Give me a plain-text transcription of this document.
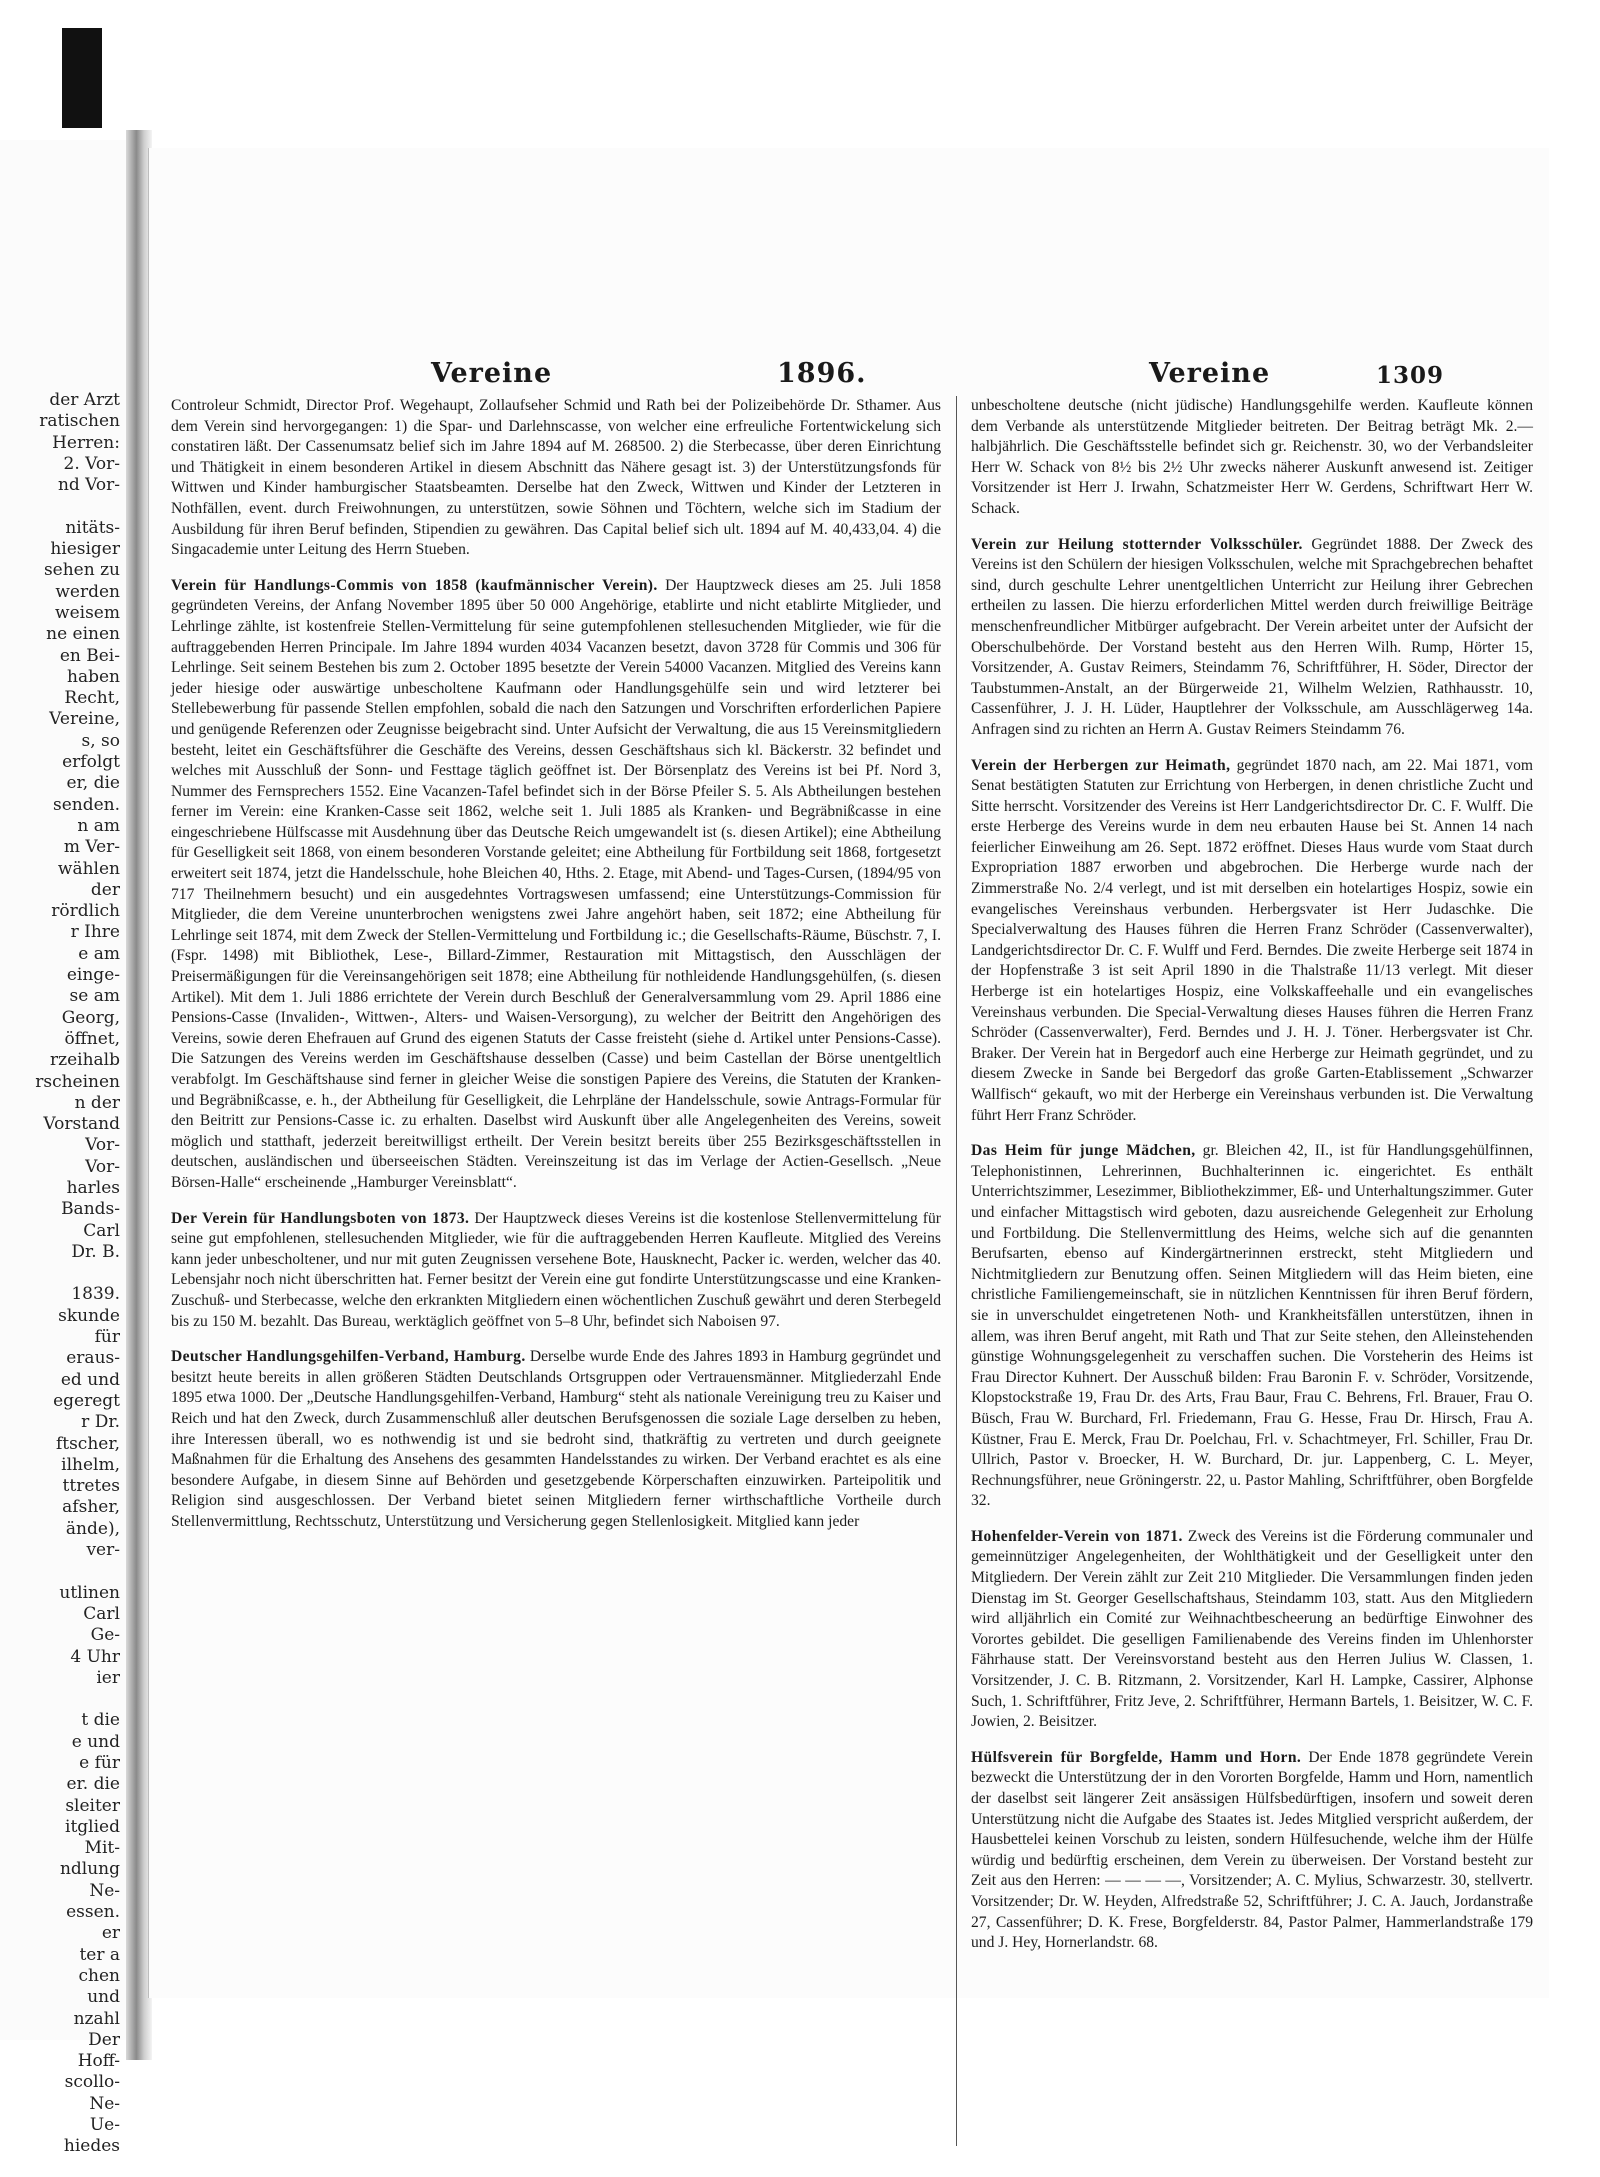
der Arzt
ratischen
Herren:
2. Vor-
nd Vor-
nitäts-
hiesiger
sehen zu
werden
weisem
ne einen
en Bei-
haben
Recht,
Vereine,
s, so
erfolgt
er, die
senden.
n am
m Ver-
wählen
der
rördlich
r Ihre
e am
einge-
se am
Georg,
öffnet,
rzeihalb
rscheinen
n der
Vorstand
Vor-
Vor-
harles
Bands-
Carl
Dr. B.
1839.
skunde
für
eraus-
ed und
egeregt
r Dr.
ftscher,
ilhelm,
ttretes
afsher,
ände),
ver-
utlinen
Carl
Ge-
4 Uhr
ier
t die
e und
e für
er. die
sleiter
itglied
Mit-
ndlung
Ne-
essen.
er
ter a
chen
und
nzahl
Der
Hoff-
scollo-
Ne-
Ue-
hiedes
Vereine	1896.	Vereine	1309

Controleur Schmidt, Director Prof. Wegehaupt, Zollaufseher Schmid und Rath bei der Polizeibehörde Dr. Sthamer. Aus dem Verein sind hervorgegangen: 1) die Spar- und Darlehnscasse, von welcher eine erfreuliche Fortentwickelung sich constatiren läßt. Der Cassenumsatz belief sich im Jahre 1894 auf M. 268500. 2) die Sterbecasse, über deren Einrichtung und Thätigkeit in einem besonderen Artikel in diesem Abschnitt das Nähere gesagt ist. 3) der Unterstützungsfonds für Wittwen und Kinder hamburgischer Staatsbeamten. Derselbe hat den Zweck, Wittwen und Kinder der Letzteren in Nothfällen, event. durch Freiwohnungen, zu unterstützen, sowie Söhnen und Töchtern, welche sich im Stadium der Ausbildung für ihren Beruf befinden, Stipendien zu gewähren. Das Capital belief sich ult. 1894 auf M. 40,433,04. 4) die Singacademie unter Leitung des Herrn Stueben.

Verein für Handlungs-Commis von 1858 (kaufmännischer Verein). Der Hauptzweck dieses am 25. Juli 1858 gegründeten Vereins, der Anfang November 1895 über 50 000 Angehörige, etablirte und nicht etablirte Mitglieder, und Lehrlinge zählte, ist kostenfreie Stellen-Vermittelung für seine gutempfohlenen stellesuchenden Mitglieder, wie für die auftraggebenden Herren Principale. Im Jahre 1894 wurden 4034 Vacanzen besetzt, davon 3728 für Commis und 306 für Lehrlinge. Seit seinem Bestehen bis zum 2. October 1895 besetzte der Verein 54000 Vacanzen. Mitglied des Vereins kann jeder hiesige oder auswärtige unbescholtene Kaufmann oder Handlungsgehülfe sein und wird letzterer bei Stellebewerbung für passende Stellen empfohlen, sobald die nach den Satzungen und Vorschriften erforderlichen Papiere und genügende Referenzen oder Zeugnisse beigebracht sind. Unter Aufsicht der Verwaltung, die aus 15 Vereinsmitgliedern besteht, leitet ein Geschäftsführer die Geschäfte des Vereins, dessen Geschäftshaus sich kl. Bäckerstr. 32 befindet und welches mit Ausschluß der Sonn- und Festtage täglich geöffnet ist. Der Börsenplatz des Vereins ist bei Pf. Nord 3, Nummer des Fernsprechers 1552. Eine Vacanzen-Tafel befindet sich in der Börse Pfeiler S. 5. Als Abtheilungen bestehen ferner im Verein: eine Kranken-Casse seit 1862, welche seit 1. Juli 1885 als Kranken- und Begräbnißcasse in eine eingeschriebene Hülfscasse mit Ausdehnung über das Deutsche Reich umgewandelt ist (s. diesen Artikel); eine Abtheilung für Geselligkeit seit 1868, von einem besonderen Vorstande geleitet; eine Abtheilung für Fortbildung seit 1868, fortgesetzt erweitert seit 1874, jetzt die Handelsschule, hohe Bleichen 40, Hths. 2. Etage, mit Abend- und Tages-Cursen, (1894/95 von 717 Theilnehmern besucht) und ein ausgedehntes Vortragswesen umfassend; eine Unterstützungs-Commission für Mitglieder, die dem Vereine ununterbrochen wenigstens zwei Jahre angehört haben, seit 1872; eine Abtheilung für Lehrlinge seit 1874, mit dem Zweck der Stellen-Vermittelung und Fortbildung ic.; die Gesellschafts-Räume, Büschstr. 7, I. (Fspr. 1498) mit Bibliothek, Lese-, Billard-Zimmer, Restauration mit Mittagstisch, den Ausschlägen der Preisermäßigungen für die Vereinsangehörigen seit 1878; eine Abtheilung für nothleidende Handlungsgehülfen, (s. diesen Artikel). Mit dem 1. Juli 1886 errichtete der Verein durch Beschluß der Generalversammlung vom 29. April 1886 eine Pensions-Casse (Invaliden-, Wittwen-, Alters- und Waisen-Versorgung), zu welcher der Beitritt den Angehörigen des Vereins, sowie deren Ehefrauen auf Grund des eigenen Statuts der Casse freisteht (siehe d. Artikel unter Pensions-Casse). Die Satzungen des Vereins werden im Geschäftshause desselben (Casse) und beim Castellan der Börse unentgeltlich verabfolgt. Im Geschäftshause sind ferner in gleicher Weise die sonstigen Papiere des Vereins, die Statuten der Kranken- und Begräbnißcasse, e. h., der Abtheilung für Geselligkeit, die Lehrpläne der Handelsschule, sowie Antrags-Formular für den Beitritt zur Pensions-Casse ic. zu erhalten. Daselbst wird Auskunft über alle Angelegenheiten des Vereins, soweit möglich und statthaft, jederzeit bereitwilligst ertheilt. Der Verein besitzt bereits über 255 Bezirksgeschäftsstellen in deutschen, ausländischen und überseeischen Städten. Vereinszeitung ist das im Verlage der Actien-Gesellsch. „Neue Börsen-Halle“ erscheinende „Hamburger Vereinsblatt“.

Der Verein für Handlungsboten von 1873. Der Hauptzweck dieses Vereins ist die kostenlose Stellenvermittelung für seine gut empfohlenen, stellesuchenden Mitglieder, wie für die auftraggebenden Herren Kaufleute. Mitglied des Vereins kann jeder unbescholtener, und nur mit guten Zeugnissen versehene Bote, Hausknecht, Packer ic. werden, welcher das 40. Lebensjahr noch nicht überschritten hat. Ferner besitzt der Verein eine gut fondirte Unterstützungscasse und eine Kranken-Zuschuß- und Sterbecasse, welche den erkrankten Mitgliedern einen wöchentlichen Zuschuß gewährt und deren Sterbegeld bis zu 150 M. bezahlt. Das Bureau, werktäglich geöffnet von 5–8 Uhr, befindet sich Naboisen 97.

Deutscher Handlungsgehilfen-Verband, Hamburg. Derselbe wurde Ende des Jahres 1893 in Hamburg gegründet und besitzt heute bereits in allen größeren Städten Deutschlands Ortsgruppen oder Vertrauensmänner. Mitgliederzahl Ende 1895 etwa 1000. Der „Deutsche Handlungsgehilfen-Verband, Hamburg“ steht als nationale Vereinigung treu zu Kaiser und Reich und hat den Zweck, durch Zusammenschluß aller deutschen Berufsgenossen die soziale Lage derselben zu heben, ihre Interessen überall, wo es nothwendig ist und sie bedroht sind, thatkräftig zu vertreten und durch geeignete Maßnahmen für die Erhaltung des Ansehens des gesammten Handelsstandes zu wirken. Der Verband erachtet es als eine besondere Aufgabe, in diesem Sinne auf Behörden und gesetzgebende Körperschaften einzuwirken. Parteipolitik und Religion sind ausgeschlossen. Der Verband bietet seinen Mitgliedern ferner wirthschaftliche Vortheile durch Stellenvermittlung, Rechtsschutz, Unterstützung und Versicherung gegen Stellenlosigkeit. Mitglied kann jeder

unbescholtene deutsche (nicht jüdische) Handlungsgehilfe werden. Kaufleute können dem Verbande als unterstützende Mitglieder beitreten. Der Beitrag beträgt Mk. 2.— halbjährlich. Die Geschäftsstelle befindet sich gr. Reichenstr. 30, wo der Verbandsleiter Herr W. Schack von 8½ bis 2½ Uhr zwecks näherer Auskunft anwesend ist. Zeitiger Vorsitzender ist Herr J. Irwahn, Schatzmeister Herr W. Gerdens, Schriftwart Herr W. Schack.

Verein zur Heilung stotternder Volksschüler. Gegründet 1888. Der Zweck des Vereins ist den Schülern der hiesigen Volksschulen, welche mit Sprachgebrechen behaftet sind, durch geschulte Lehrer unentgeltlichen Unterricht zur Heilung ihrer Gebrechen ertheilen zu lassen. Die hierzu erforderlichen Mittel werden durch freiwillige Beiträge menschenfreundlicher Mitbürger aufgebracht. Der Verein arbeitet unter der Aufsicht der Oberschulbehörde. Der Vorstand besteht aus den Herren Wilh. Rump, Hörter 15, Vorsitzender, A. Gustav Reimers, Steindamm 76, Schriftführer, H. Söder, Director der Taubstummen-Anstalt, an der Bürgerweide 21, Wilhelm Welzien, Rathhausstr. 10, Cassenführer, J. J. H. Lüder, Hauptlehrer der Volksschule, am Ausschlägerweg 14a. Anfragen sind zu richten an Herrn A. Gustav Reimers Steindamm 76.

Verein der Herbergen zur Heimath, gegründet 1870 nach, am 22. Mai 1871, vom Senat bestätigten Statuten zur Errichtung von Herbergen, in denen christliche Zucht und Sitte herrscht. Vorsitzender des Vereins ist Herr Landgerichtsdirector Dr. C. F. Wulff. Die erste Herberge des Vereins wurde in dem neu erbauten Hause bei St. Annen 14 nach feierlicher Einweihung am 26. Sept. 1872 eröffnet. Dieses Haus wurde vom Staat durch Expropriation 1887 erworben und abgebrochen. Die Herberge wurde nach der Zimmerstraße No. 2/4 verlegt, und ist mit derselben ein hotelartiges Hospiz, sowie ein evangelisches Vereinshaus verbunden. Herbergsvater ist Herr Judaschke. Die Specialverwaltung des Hauses führen die Herren Franz Schröder (Cassenverwalter), Landgerichtsdirector Dr. C. F. Wulff und Ferd. Berndes. Die zweite Herberge seit 1874 in der Hopfenstraße 3 ist seit April 1890 in die Thalstraße 11/13 verlegt. Mit dieser Herberge ist ein hotelartiges Hospiz, eine Volkskaffeehalle und ein evangelisches Vereinshaus verbunden. Die Special-Verwaltung dieses Hauses führen die Herren Franz Schröder (Cassenverwalter), Ferd. Berndes und J. H. J. Töner. Herbergsvater ist Chr. Braker. Der Verein hat in Bergedorf auch eine Herberge zur Heimath gegründet, und zu diesem Zwecke in Sande bei Bergedorf das große Garten-Etablissement „Schwarzer Wallfisch“ gekauft, wo mit der Herberge ein Vereinshaus verbunden ist. Die Verwaltung führt Herr Franz Schröder.

Das Heim für junge Mädchen, gr. Bleichen 42, II., ist für Handlungsgehülfinnen, Telephonistinnen, Lehrerinnen, Buchhalterinnen ic. eingerichtet. Es enthält Unterrichtszimmer, Lesezimmer, Bibliothekzimmer, Eß- und Unterhaltungszimmer. Guter und einfacher Mittagstisch wird geboten, dazu ausreichende Gelegenheit zur Erholung und Fortbildung. Die Stellenvermittlung des Heims, welche sich auf die genannten Berufsarten, ebenso auf Kindergärtnerinnen erstreckt, steht Mitgliedern und Nichtmitgliedern zur Benutzung offen. Seinen Mitgliedern will das Heim bieten, eine christliche Familiengemeinschaft, sie in nützlichen Kenntnissen für ihren Beruf fördern, sie in unverschuldet eingetretenen Noth- und Krankheitsfällen unterstützen, ihnen in allem, was ihren Beruf angeht, mit Rath und That zur Seite stehen, den Alleinstehenden günstige Wohnungsgelegenheit zu verschaffen suchen. Die Vorsteherin des Heims ist Frau Director Kuhnert. Der Ausschuß bilden: Frau Baronin F. v. Schröder, Vorsitzende, Klopstockstraße 19, Frau Dr. des Arts, Frau Baur, Frau C. Behrens, Frl. Brauer, Frau O. Büsch, Frau W. Burchard, Frl. Friedemann, Frau G. Hesse, Frau Dr. Hirsch, Frau A. Küstner, Frau E. Merck, Frau Dr. Poelchau, Frl. v. Schachtmeyer, Frl. Schiller, Frau Dr. Ullrich, Pastor v. Broecker, H. W. Burchard, Dr. jur. Lappenberg, C. L. Meyer, Rechnungsführer, neue Gröningerstr. 22, u. Pastor Mahling, Schriftführer, oben Borgfelde 32.

Hohenfelder-Verein von 1871. Zweck des Vereins ist die Förderung communaler und gemeinnütziger Angelegenheiten, der Wohlthätigkeit und der Geselligkeit unter den Mitgliedern. Der Verein zählt zur Zeit 210 Mitglieder. Die Versammlungen finden jeden Dienstag im St. Georger Gesellschaftshaus, Steindamm 103, statt. Aus den Mitgliedern wird alljährlich ein Comité zur Weihnachtbescheerung an bedürftige Einwohner des Vorortes gebildet. Die geselligen Familienabende des Vereins finden im Uhlenhorster Fährhause statt. Der Vereinsvorstand besteht aus den Herren Julius W. Classen, 1. Vorsitzender, J. C. B. Ritzmann, 2. Vorsitzender, Karl H. Lampke, Cassirer, Alphonse Such, 1. Schriftführer, Fritz Jeve, 2. Schriftführer, Hermann Bartels, 1. Beisitzer, W. C. F. Jowien, 2. Beisitzer.

Hülfsverein für Borgfelde, Hamm und Horn. Der Ende 1878 gegründete Verein bezweckt die Unterstützung der in den Vororten Borgfelde, Hamm und Horn, namentlich der daselbst seit längerer Zeit ansässigen Hülfsbedürftigen, insofern und soweit deren Unterstützung nicht die Aufgabe des Staates ist. Jedes Mitglied verspricht außerdem, der Hausbettelei keinen Vorschub zu leisten, sondern Hülfesuchende, welche ihm der Hülfe würdig und bedürftig erscheinen, dem Verein zu überweisen. Der Vorstand besteht zur Zeit aus den Herren: — — — —, Vorsitzender; A. C. Mylius, Schwarzestr. 30, stellvertr. Vorsitzender; Dr. W. Heyden, Alfredstraße 52, Schriftführer; J. C. A. Jauch, Jordanstraße 27, Cassenführer; D. K. Frese, Borgfelderstr. 84, Pastor Palmer, Hammerlandstraße 179 und J. Hey, Hornerlandstr. 68.
